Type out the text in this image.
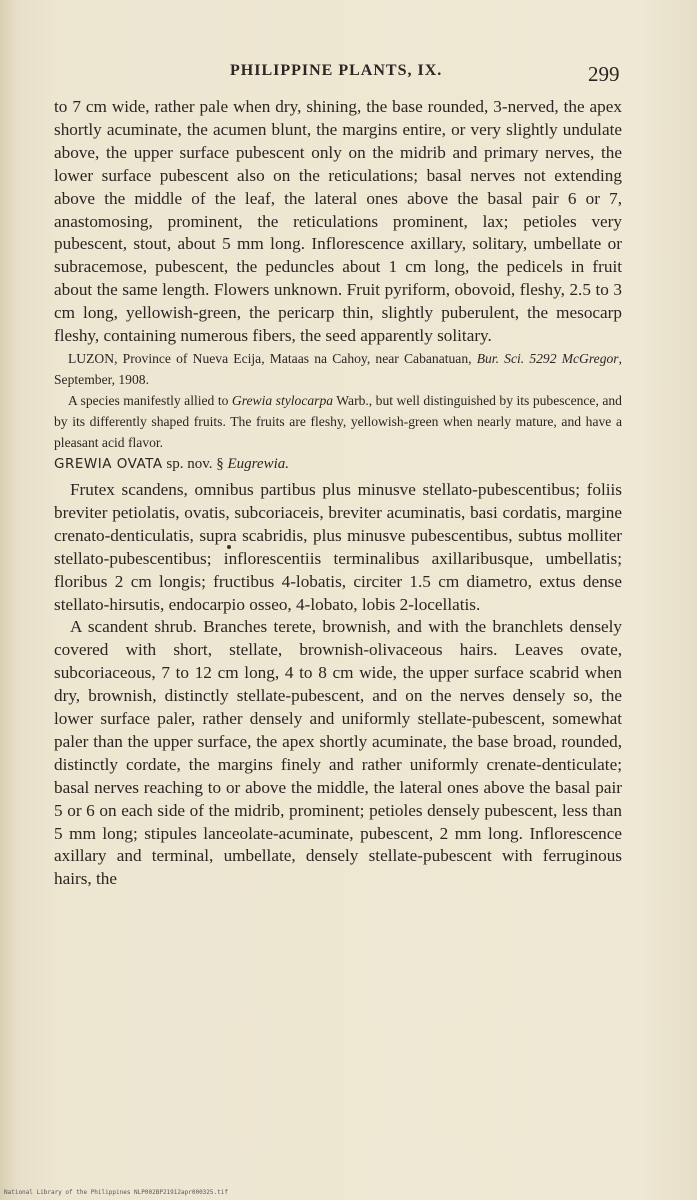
PHILIPPINE PLANTS, IX.	299

to 7 cm wide, rather pale when dry, shining, the base rounded, 3-nerved, the apex shortly acuminate, the acumen blunt, the margins entire, or very slightly undulate above, the upper surface pubescent only on the midrib and primary nerves, the lower surface pubescent also on the reticulations; basal nerves not extending above the middle of the leaf, the lateral ones above the basal pair 6 or 7, anastomosing, prominent, the reticulations prominent, lax; petioles very pubescent, stout, about 5 mm long. Inflorescence axillary, solitary, umbellate or subracemose, pubescent, the peduncles about 1 cm long, the pedicels in fruit about the same length. Flowers unknown. Fruit pyriform, obovoid, fleshy, 2.5 to 3 cm long, yellowish-green, the pericarp thin, slightly puberulent, the mesocarp fleshy, containing numerous fibers, the seed apparently solitary.

LUZON, Province of Nueva Ecija, Mataas na Cahoy, near Cabanatuan, Bur. Sci. 5292 McGregor, September, 1908.

A species manifestly allied to Grewia stylocarpa Warb., but well distinguished by its pubescence, and by its differently shaped fruits. The fruits are fleshy, yellowish-green when nearly mature, and have a pleasant acid flavor.

GREWIA OVATA sp. nov. § Eugrewia.

Frutex scandens, omnibus partibus plus minusve stellato-pubescentibus; foliis breviter petiolatis, ovatis, subcoriaceis, breviter acuminatis, basi cordatis, margine crenato-denticulatis, supra scabridis, plus minusve pubescentibus, subtus molliter stellato-pubescentibus; inflorescentiis terminalibus axillaribusque, umbellatis; floribus 2 cm longis; fructibus 4-lobatis, circiter 1.5 cm diametro, extus dense stellato-hirsutis, endocarpio osseo, 4-lobato, lobis 2-locellatis.

A scandent shrub. Branches terete, brownish, and with the branchlets densely covered with short, stellate, brownish-olivaceous hairs. Leaves ovate, subcoriaceous, 7 to 12 cm long, 4 to 8 cm wide, the upper surface scabrid when dry, brownish, distinctly stellate-pubescent, and on the nerves densely so, the lower surface paler, rather densely and uniformly stellate-pubescent, somewhat paler than the upper surface, the apex shortly acuminate, the base broad, rounded, distinctly cordate, the margins finely and rather uniformly crenate-denticulate; basal nerves reaching to or above the middle, the lateral ones above the basal pair 5 or 6 on each side of the midrib, prominent; petioles densely pubescent, less than 5 mm long; stipules lanceolate-acuminate, pubescent, 2 mm long. Inflorescence axillary and terminal, umbellate, densely stellate-pubescent with ferruginous hairs, the

National Library of the Philippines NLP002BP21912apr000325.tif
